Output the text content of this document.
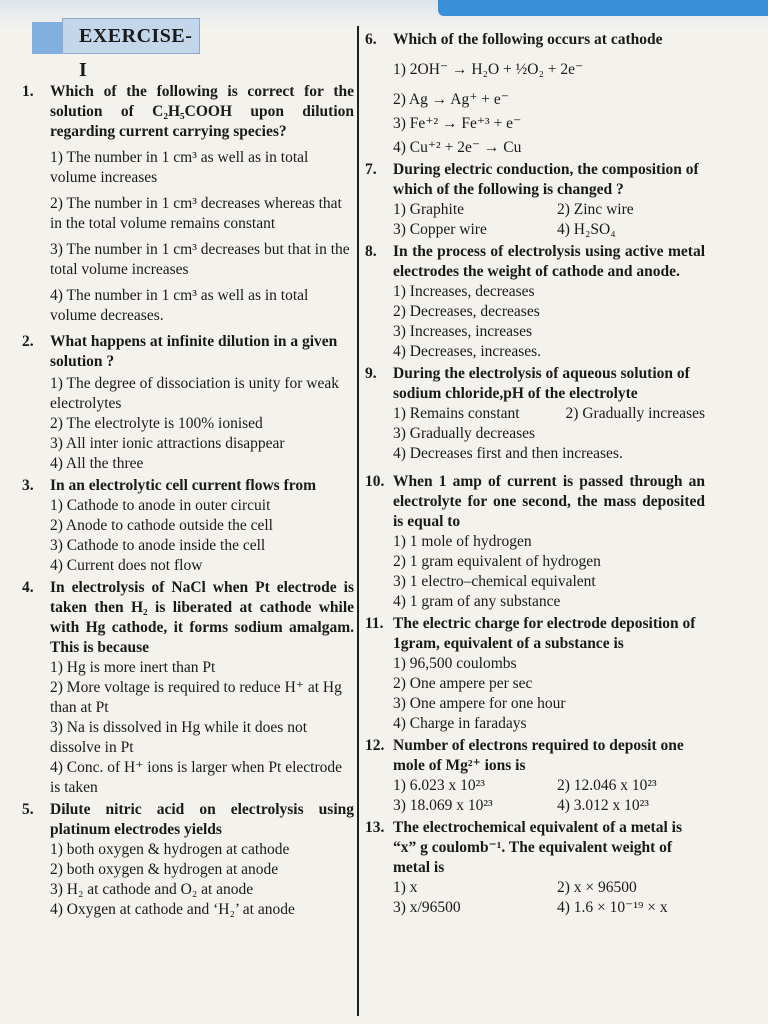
EXERCISE-I
1.	Which of the following is correct for the solution of C₂H₅COOH upon dilution regarding current carrying species?
1) The number in 1 cm³ as well as in total volume increases
2) The number in 1 cm³ decreases whereas that in the total volume remains constant
3) The number in 1 cm³ decreases but that in the total volume increases
4) The number in 1 cm³ as well as in total volume decreases.
2.	What happens at infinite dilution in a given solution ?
1) The degree of dissociation is unity for weak electrolytes
2) The electrolyte is 100% ionised
3) All inter ionic attractions disappear
4) All the three
3.	In an electrolytic cell current flows from
1) Cathode to anode in outer circuit
2) Anode to cathode outside the cell
3) Cathode to anode inside the cell
4) Current does not flow
4.	In electrolysis of NaCl when Pt electrode is taken then H₂ is liberated at cathode while with Hg cathode, it forms sodium amalgam. This is because
1) Hg is more inert than Pt
2) More voltage is required to reduce H⁺ at Hg than at Pt
3) Na is dissolved in Hg while it does not dissolve in Pt
4) Conc. of H⁺ ions is larger when Pt electrode is taken
5.	Dilute nitric acid on electrolysis using platinum electrodes yields
1) both oxygen & hydrogen at cathode
2) both oxygen & hydrogen at anode
3) H₂ at cathode and O₂ at anode
4) Oxygen at cathode and ‘H₂’ at anode
6.	Which of the following occurs at cathode
1) 2OH⁻ → H₂O + ½O₂ + 2e⁻
2) Ag → Ag⁺ + e⁻
3) Fe⁺² → Fe⁺³ + e⁻
4) Cu⁺² + 2e⁻ → Cu
7.	During electric conduction, the composition of which of the following is changed ?
1) Graphite	2) Zinc wire
3) Copper wire	4) H₂SO₄
8.	In the process of electrolysis using active metal electrodes the weight of cathode and anode.
1) Increases, decreases
2) Decreases, decreases
3) Increases, increases
4) Decreases, increases.
9.	During the electrolysis of aqueous solution of sodium chloride,pH of the electrolyte
1) Remains constant	2) Gradually increases
3) Gradually decreases
4) Decreases first and then increases.
10. When 1 amp of current is passed through an electrolyte for one second, the mass deposited is equal to
1) 1 mole of hydrogen
2) 1 gram equivalent of hydrogen
3) 1 electro–chemical equivalent
4) 1 gram of any substance
11. The electric charge for electrode deposition of 1gram, equivalent of a substance is
1) 96,500 coulombs
2) One ampere per sec
3) One ampere for one hour
4) Charge in faradays
12. Number of electrons required to deposit one mole of Mg²⁺ ions is
1) 6.023 x 10²³	2) 12.046 x 10²³
3) 18.069 x 10²³	4) 3.012 x 10²³
13. The electrochemical equivalent of a metal is “x” g coulomb⁻¹. The equivalent weight of metal is
1) x	2) x × 96500
3) x/96500	4) 1.6 × 10⁻¹⁹ × x
